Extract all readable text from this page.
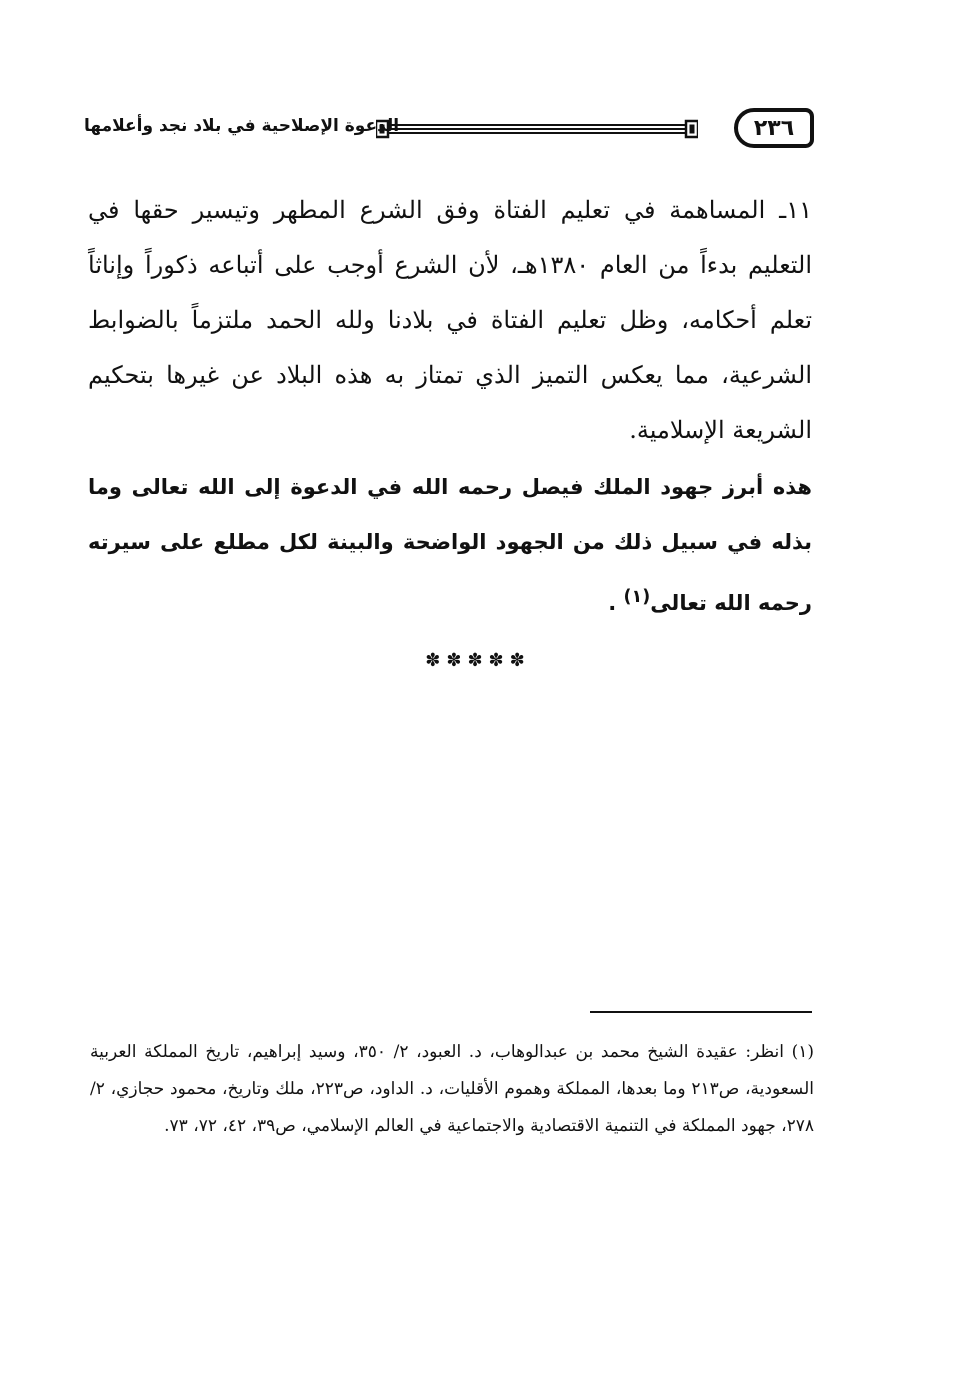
٢٣٦
الدعوة الإصلاحية في بلاد نجد وأعلامها

١١ـ المساهمة في تعليم الفتاة وفق الشرع المطهر وتيسير حقها في التعليم بدءاً من العام ١٣٨٠هـ، لأن الشرع أوجب على أتباعه ذكوراً وإناثاً تعلم أحكامه، وظل تعليم الفتاة في بلادنا ولله الحمد ملتزماً بالضوابط الشرعية، مما يعكس التميز الذي تمتاز به هذه البلاد عن غيرها بتحكيم الشريعة الإسلامية.

هذه أبرز جهود الملك فيصل رحمه الله في الدعوة إلى الله تعالى وما بذله في سبيل ذلك من الجهود الواضحة والبينة لكل مطلع على سيرته رحمه الله تعالى$^{(١)}$ .

✽✽✽✽✽

(١) انظر: عقيدة الشيخ محمد بن عبدالوهاب، د. العبود، ٢/ ٣٥٠، وسيد إبراهيم، تاريخ المملكة العربية السعودية، ص٢١٣ وما بعدها، المملكة وهموم الأقليات، د. الداود، ص٢٢٣، ملك وتاريخ، محمود حجازي، ٢/ ٢٧٨، جهود المملكة في التنمية الاقتصادية والاجتماعية في العالم الإسلامي، ص٣٩، ٤٢، ٧٢، ٧٣.
